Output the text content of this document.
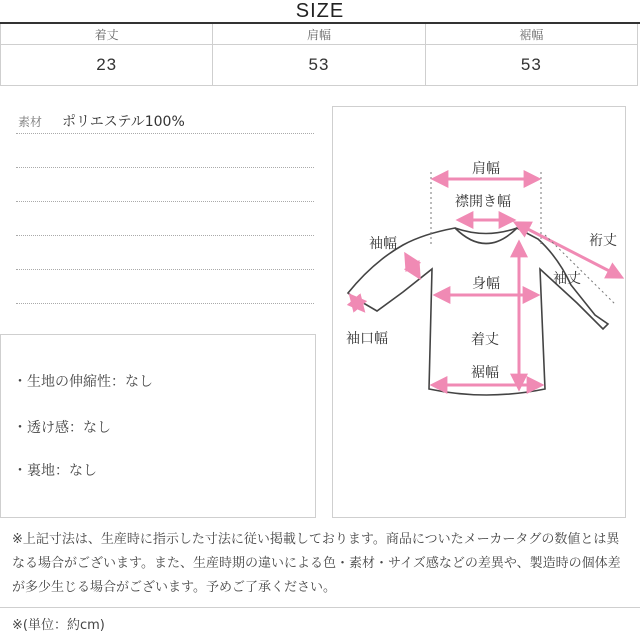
SIZE
着丈	肩幅	裾幅
23	53	53
素材 ポリエステル100%
・生地の伸縮性：なし
・透け感：なし
・裏地：なし
肩幅
襟開き幅
裄丈
袖丈
袖幅
袖口幅
身幅
着丈
裾幅
※上記寸法は、生産時に指示した寸法に従い掲載しております。商品についたメーカータグの数値とは異なる場合がございます。また、生産時期の違いによる色・素材・サイズ感などの差異や、製造時の個体差が多少生じる場合がございます。予めご了承ください。
※(単位：約cm)
